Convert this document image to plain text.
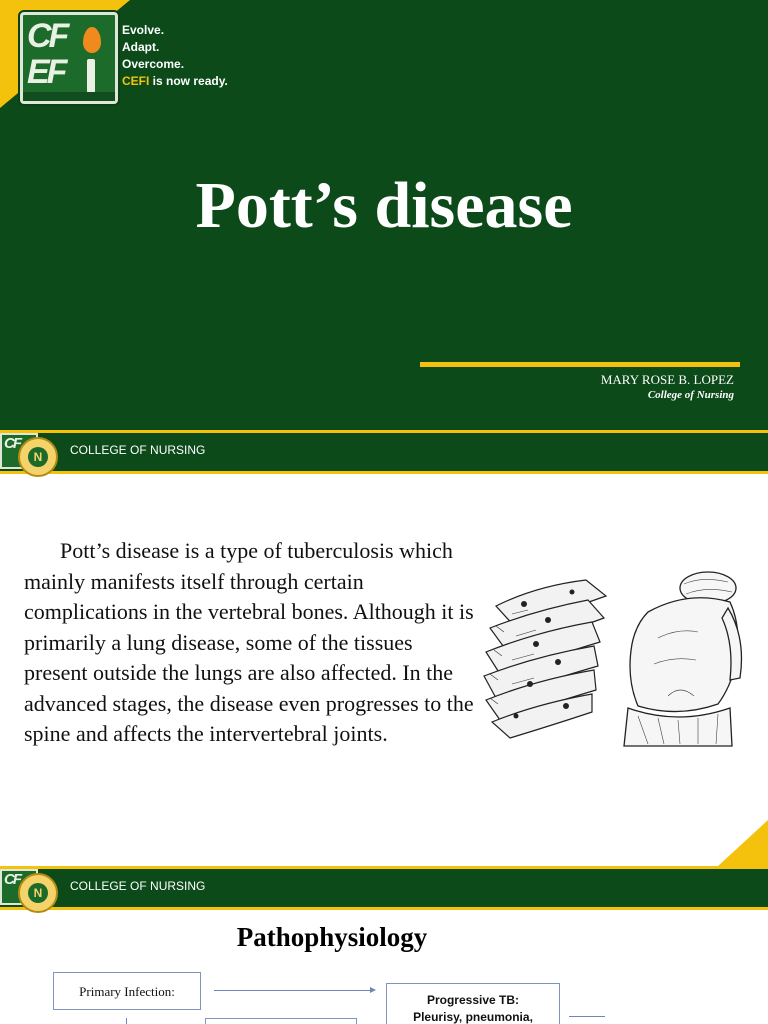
CF
EF
Evolve.
Adapt.
Overcome.
CEFI is now ready.
Pott’s disease
MARY ROSE B. LOPEZ
College of Nursing
CF
N	COLLEGE OF NURSING
Pott’s disease is a type of tuberculosis which mainly manifests itself through certain complications in the vertebral bones. Although it is primarily a lung disease, some of the tissues present outside the lungs are also affected. In the advanced stages, the disease even progresses to the spine and affects the intervertebral joints.
CF
N	COLLEGE OF NURSING
Pathophysiology
Primary Infection:
Progressive TB:
Pleurisy, pneumonia,
